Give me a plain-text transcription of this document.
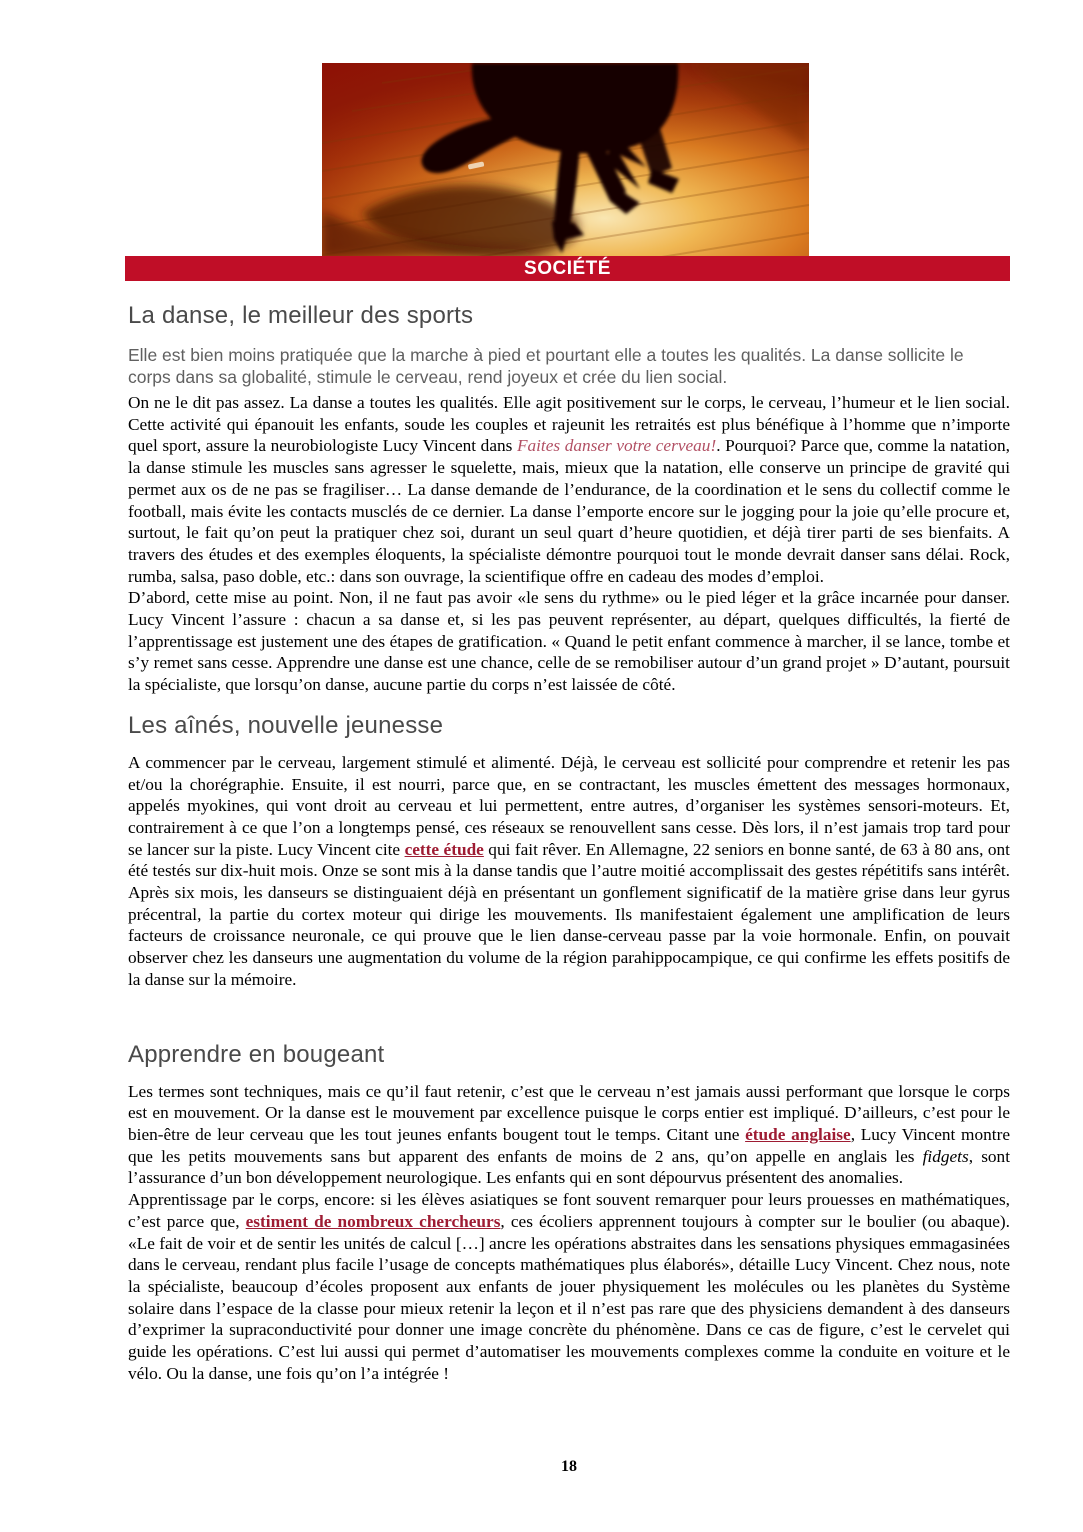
SOCIÉTÉ
La danse, le meilleur des sports

Elle est bien moins pratiquée que la marche à pied et pourtant elle a toutes les qualités. La danse sollicite le corps dans sa globalité, stimule le cerveau, rend joyeux et crée du lien social.

On ne le dit pas assez. La danse a toutes les qualités. Elle agit positivement sur le corps, le cerveau, l’humeur et le lien social. Cette activité qui épanouit les enfants, soude les couples et rajeunit les retraités est plus bénéfique à l’homme que n’importe quel sport, assure la neurobiologiste Lucy Vincent dans Faites danser votre cerveau!. Pourquoi? Parce que, comme la natation, la danse stimule les muscles sans agresser le squelette, mais, mieux que la natation, elle conserve un principe de gravité qui permet aux os de ne pas se fragiliser… La danse demande de l’endurance, de la coordination et le sens du collectif comme le football, mais évite les contacts musclés de ce dernier. La danse l’emporte encore sur le jogging pour la joie qu’elle procure et, surtout, le fait qu’on peut la pratiquer chez soi, durant un seul quart d’heure quotidien, et déjà tirer parti de ses bienfaits. A travers des études et des exemples éloquents, la spécialiste démontre pourquoi tout le monde devrait danser sans délai. Rock, rumba, salsa, paso doble, etc.: dans son ouvrage, la scientifique offre en cadeau des modes d’emploi.

D’abord, cette mise au point. Non, il ne faut pas avoir «le sens du rythme» ou le pied léger et la grâce incarnée pour danser. Lucy Vincent l’assure : chacun a sa danse et, si les pas peuvent représenter, au départ, quelques difficultés, la fierté de l’apprentissage est justement une des étapes de gratification. « Quand le petit enfant commence à marcher, il se lance, tombe et s’y remet sans cesse. Apprendre une danse est une chance, celle de se remobiliser autour d’un grand projet » D’autant, poursuit la spécialiste, que lorsqu’on danse, aucune partie du corps n’est laissée de côté.

Les aînés, nouvelle jeunesse

A commencer par le cerveau, largement stimulé et alimenté. Déjà, le cerveau est sollicité pour comprendre et retenir les pas et/ou la chorégraphie. Ensuite, il est nourri, parce que, en se contractant, les muscles émettent des messages hormonaux, appelés myokines, qui vont droit au cerveau et lui permettent, entre autres, d’organiser les systèmes sensori-moteurs. Et, contrairement à ce que l’on a longtemps pensé, ces réseaux se renouvellent sans cesse. Dès lors, il n’est jamais trop tard pour se lancer sur la piste. Lucy Vincent cite cette étude qui fait rêver. En Allemagne, 22 seniors en bonne santé, de 63 à 80 ans, ont été testés sur dix-huit mois. Onze se sont mis à la danse tandis que l’autre moitié accomplissait des gestes répétitifs sans intérêt. Après six mois, les danseurs se distinguaient déjà en présentant un gonflement significatif de la matière grise dans leur gyrus précentral, la partie du cortex moteur qui dirige les mouvements. Ils manifestaient également une amplification de leurs facteurs de croissance neuronale, ce qui prouve que le lien danse-cerveau passe par la voie hormonale. Enfin, on pouvait observer chez les danseurs une augmentation du volume de la région parahippocampique, ce qui confirme les effets positifs de la danse sur la mémoire.

Apprendre en bougeant

Les termes sont techniques, mais ce qu’il faut retenir, c’est que le cerveau n’est jamais aussi performant que lorsque le corps est en mouvement. Or la danse est le mouvement par excellence puisque le corps entier est impliqué. D’ailleurs, c’est pour le bien-être de leur cerveau que les tout jeunes enfants bougent tout le temps. Citant une étude anglaise, Lucy Vincent montre que les petits mouvements sans but apparent des enfants de moins de 2 ans, qu’on appelle en anglais les fidgets, sont l’assurance d’un bon développement neurologique. Les enfants qui en sont dépourvus présentent des anomalies.

Apprentissage par le corps, encore: si les élèves asiatiques se font souvent remarquer pour leurs prouesses en mathématiques, c’est parce que, estiment de nombreux chercheurs, ces écoliers apprennent toujours à compter sur le boulier (ou abaque). «Le fait de voir et de sentir les unités de calcul […] ancre les opérations abstraites dans les sensations physiques emmagasinées dans le cerveau, rendant plus facile l’usage de concepts mathématiques plus élaborés», détaille Lucy Vincent. Chez nous, note la spécialiste, beaucoup d’écoles proposent aux enfants de jouer physiquement les molécules ou les planètes du Système solaire dans l’espace de la classe pour mieux retenir la leçon et il n’est pas rare que des physiciens demandent à des danseurs d’exprimer la supraconductivité pour donner une image concrète du phénomène. Dans ce cas de figure, c’est le cervelet qui guide les opérations. C’est lui aussi qui permet d’automatiser les mouvements complexes comme la conduite en voiture et le vélo. Ou la danse, une fois qu’on l’a intégrée !

18
